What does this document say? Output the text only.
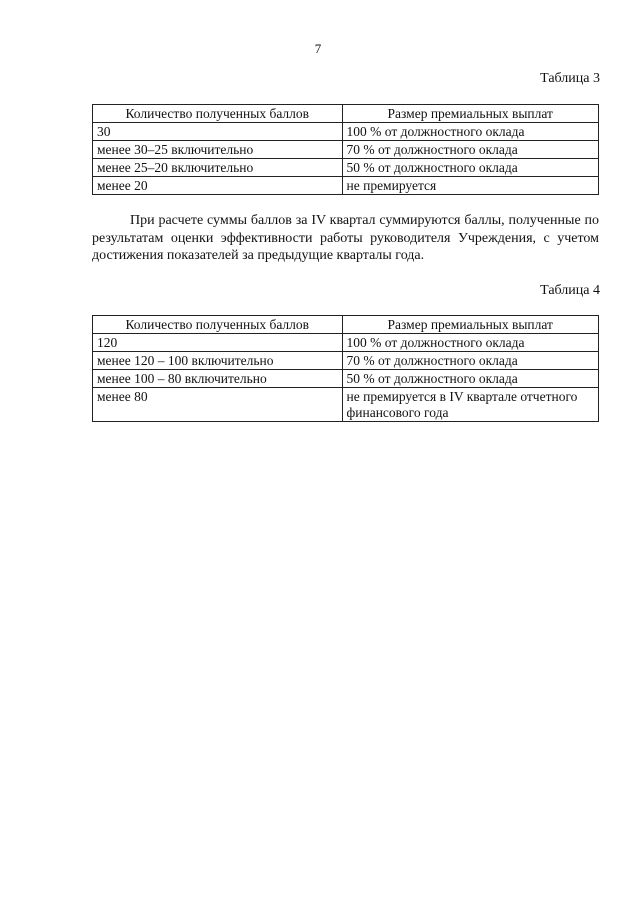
7
Таблица 3
Количество полученных баллов	Размер премиальных выплат
30	100 % от должностного оклада
менее 30–25 включительно	70 % от должностного оклада
менее 25–20 включительно	50 % от должностного оклада
менее 20	не премируется
При расчете суммы баллов за IV квартал суммируются баллы, полученные по результатам оценки эффективности работы руководителя Учреждения, с учетом достижения показателей за предыдущие кварталы года.
Таблица 4
Количество полученных баллов	Размер премиальных выплат
120	100 % от должностного оклада
менее 120 – 100 включительно	70 % от должностного оклада
менее 100 – 80 включительно	50 % от должностного оклада
менее 80	не премируется в IV квартале отчетного финансового года
